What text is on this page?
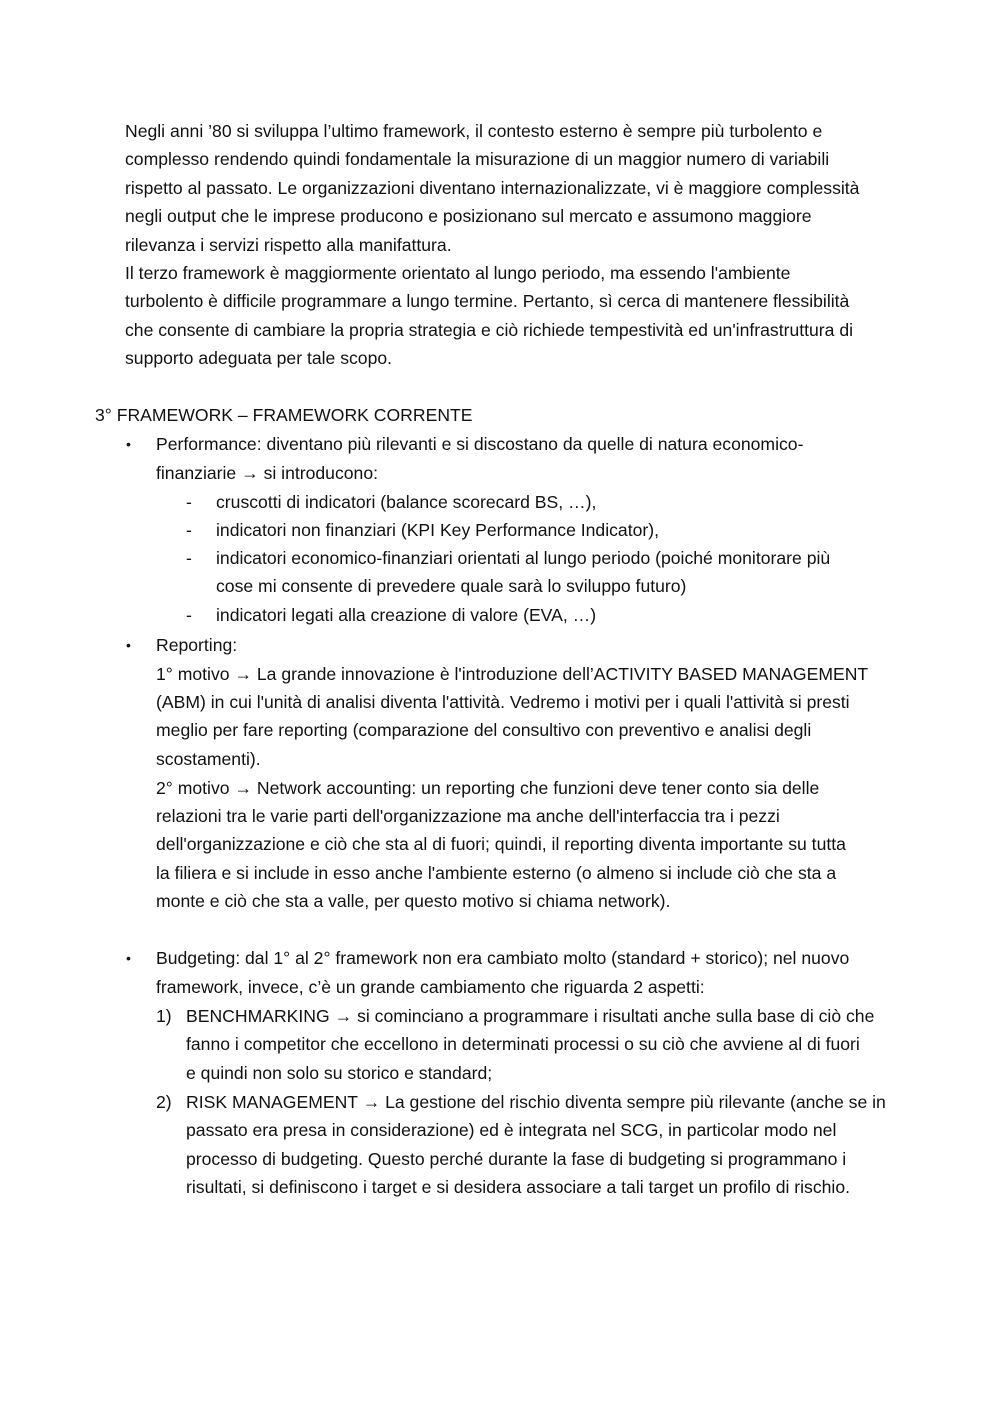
Negli anni ’80 si sviluppa l’ultimo framework, il contesto esterno è sempre più turbolento e
complesso rendendo quindi fondamentale la misurazione di un maggior numero di variabili
rispetto al passato. Le organizzazioni diventano internazionalizzate, vi è maggiore complessità
negli output che le imprese producono e posizionano sul mercato e assumono maggiore
rilevanza i servizi rispetto alla manifattura.
Il terzo framework è maggiormente orientato al lungo periodo, ma essendo l'ambiente
turbolento è difficile programmare a lungo termine. Pertanto, sì cerca di mantenere flessibilità
che consente di cambiare la propria strategia e ciò richiede tempestività ed un'infrastruttura di
supporto adeguata per tale scopo.
3° FRAMEWORK – FRAMEWORK CORRENTE
• Performance: diventano più rilevanti e si discostano da quelle di natura economico-
finanziarie → si introducono:
- cruscotti di indicatori (balance scorecard BS, …),
- indicatori non finanziari (KPI Key Performance Indicator),
- indicatori economico-finanziari orientati al lungo periodo (poiché monitorare più
cose mi consente di prevedere quale sarà lo sviluppo futuro)
- indicatori legati alla creazione di valore (EVA, …)
• Reporting:
1° motivo → La grande innovazione è l'introduzione dell’ACTIVITY BASED MANAGEMENT
(ABM) in cui l'unità di analisi diventa l'attività. Vedremo i motivi per i quali l'attività si presti
meglio per fare reporting (comparazione del consultivo con preventivo e analisi degli
scostamenti).
2° motivo → Network accounting: un reporting che funzioni deve tener conto sia delle
relazioni tra le varie parti dell'organizzazione ma anche dell'interfaccia tra i pezzi
dell'organizzazione e ciò che sta al di fuori; quindi, il reporting diventa importante su tutta
la filiera e si include in esso anche l'ambiente esterno (o almeno si include ciò che sta a
monte e ciò che sta a valle, per questo motivo si chiama network).
• Budgeting: dal 1° al 2° framework non era cambiato molto (standard + storico); nel nuovo
framework, invece, c’è un grande cambiamento che riguarda 2 aspetti:
1) BENCHMARKING → si cominciano a programmare i risultati anche sulla base di ciò che
fanno i competitor che eccellono in determinati processi o su ciò che avviene al di fuori
e quindi non solo su storico e standard;
2) RISK MANAGEMENT → La gestione del rischio diventa sempre più rilevante (anche se in
passato era presa in considerazione) ed è integrata nel SCG, in particolar modo nel
processo di budgeting. Questo perché durante la fase di budgeting si programmano i
risultati, si definiscono i target e si desidera associare a tali target un profilo di rischio.
